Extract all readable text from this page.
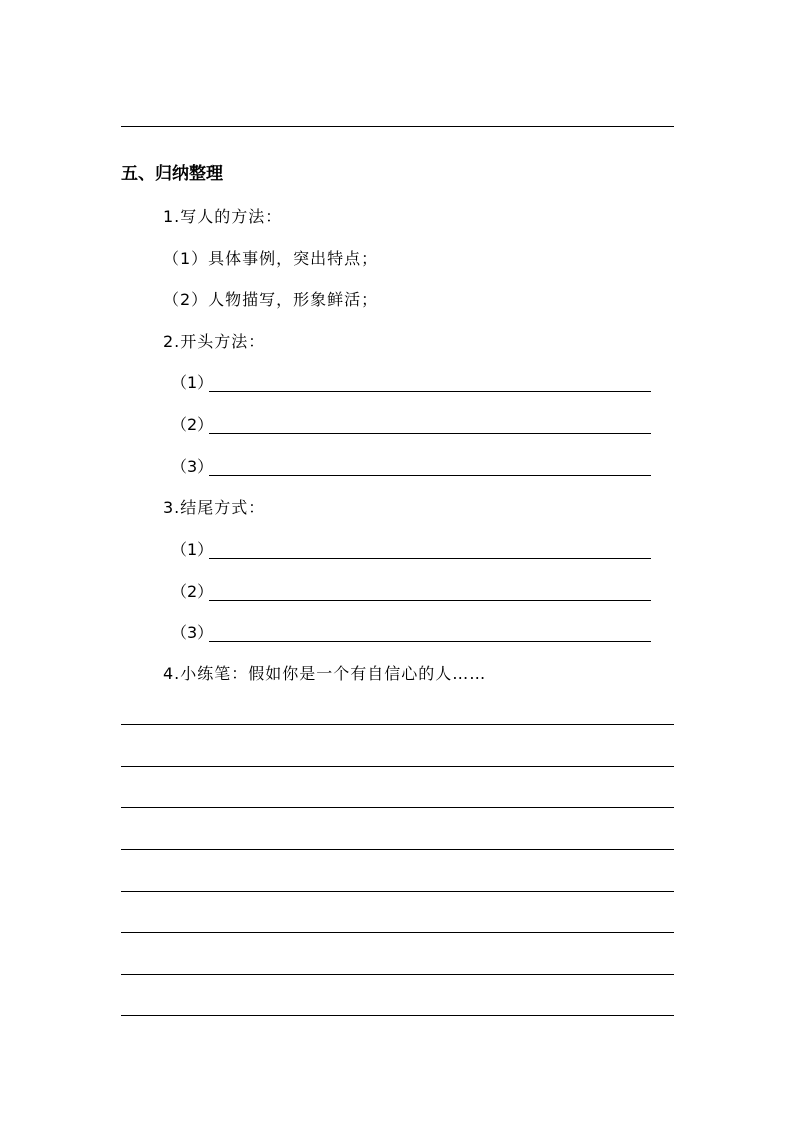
五、归纳整理
1.写人的方法：
（1）具体事例，突出特点；
（2）人物描写，形象鲜活；
2.开头方法：
（1）
（2）
（3）
3.结尾方式：
（1）
（2）
（3）
4.小练笔：假如你是一个有自信心的人……
